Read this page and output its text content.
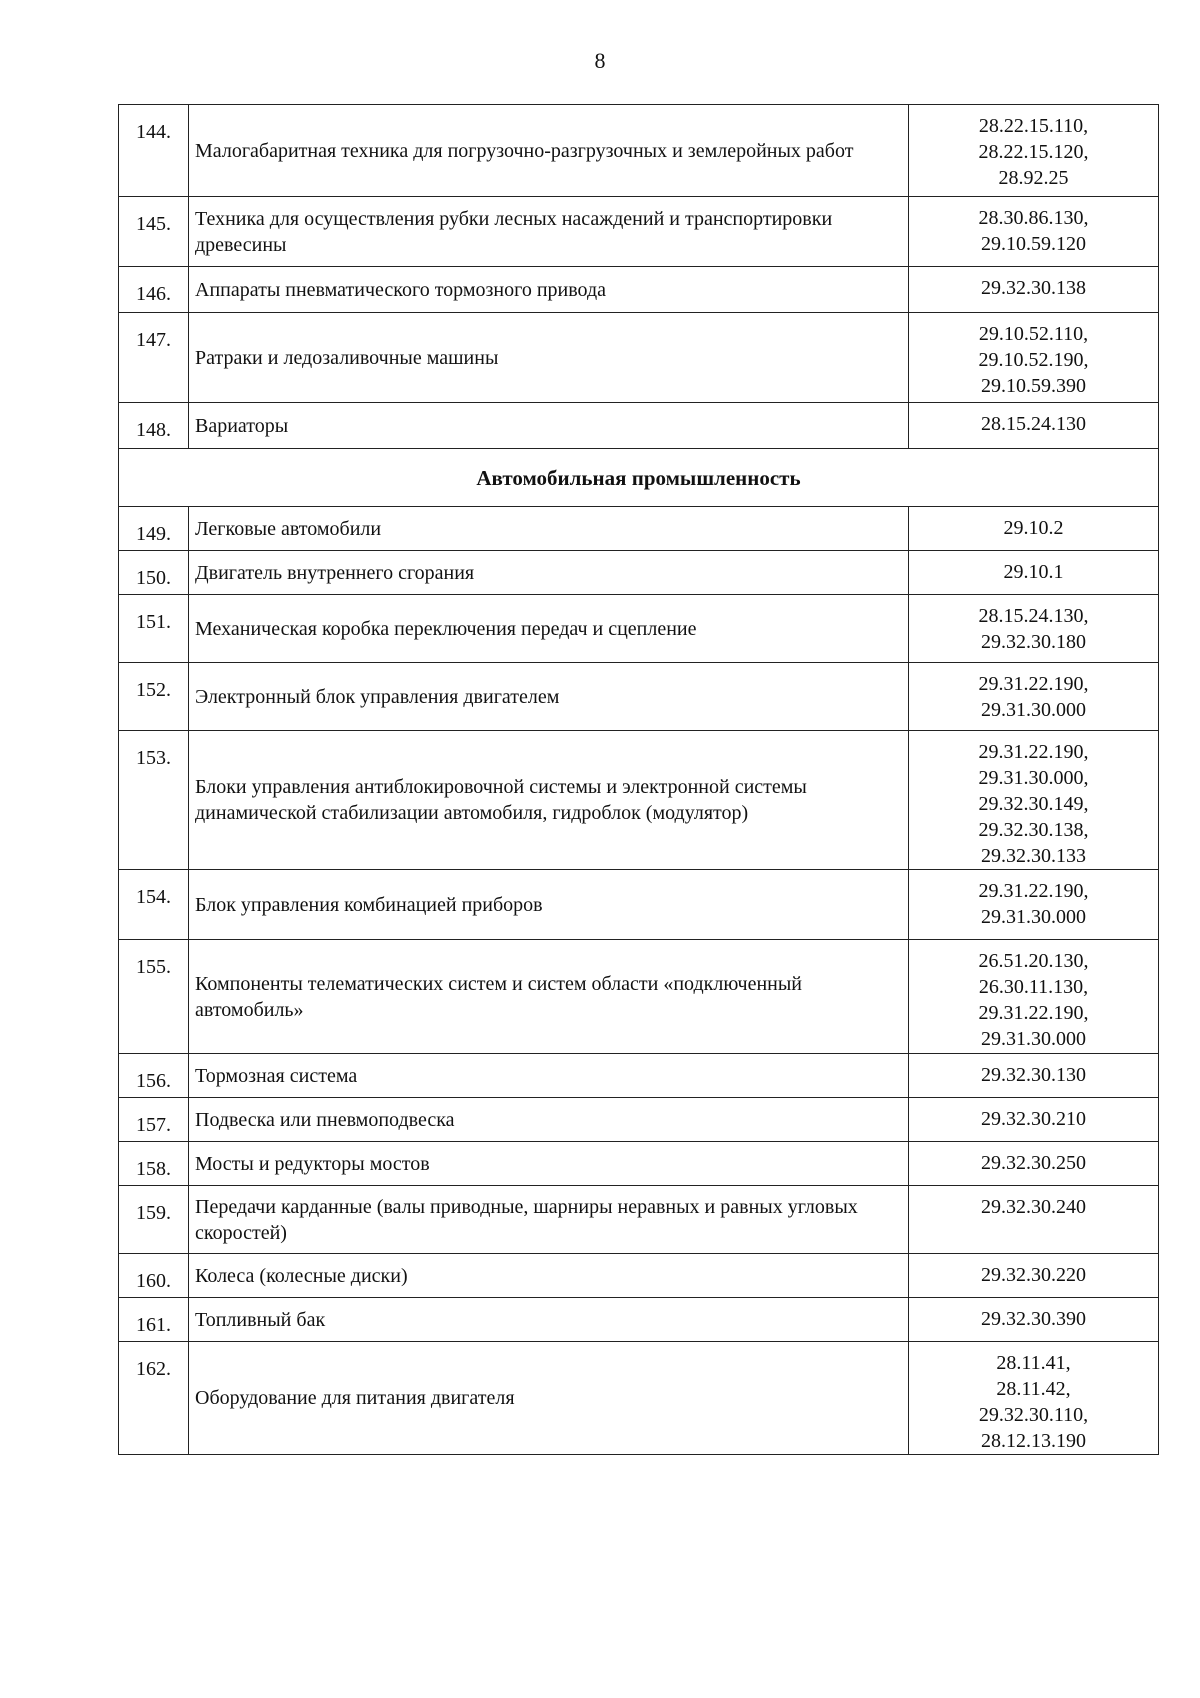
8
144.	Малогабаритная техника для погрузочно-разгрузочных и землеройных работ	28.22.15.110,
28.22.15.120,
28.92.25
145.	Техника для осуществления рубки лесных насаждений и транспортировки древесины	28.30.86.130,
29.10.59.120
146.	Аппараты пневматического тормозного привода	29.32.30.138
147.	Ратраки и ледозаливочные машины	29.10.52.110,
29.10.52.190,
29.10.59.390
148.	Вариаторы	28.15.24.130
Автомобильная промышленность		
149.	Легковые автомобили	29.10.2
150.	Двигатель внутреннего сгорания	29.10.1
151.	Механическая коробка переключения передач и сцепление	28.15.24.130,
29.32.30.180
152.	Электронный блок управления двигателем	29.31.22.190,
29.31.30.000
153.	Блоки управления антиблокировочной системы и электронной системы динамической стабилизации автомобиля, гидроблок (модулятор)	29.31.22.190,
29.31.30.000,
29.32.30.149,
29.32.30.138,
29.32.30.133
154.	Блок управления комбинацией приборов	29.31.22.190,
29.31.30.000
155.	Компоненты телематических систем и систем области «подключенный автомобиль»	26.51.20.130,
26.30.11.130,
29.31.22.190,
29.31.30.000
156.	Тормозная система	29.32.30.130
157.	Подвеска или пневмоподвеска	29.32.30.210
158.	Мосты и редукторы мостов	29.32.30.250
159.	Передачи карданные (валы приводные, шарниры неравных и равных угловых скоростей)	29.32.30.240
160.	Колеса (колесные диски)	29.32.30.220
161.	Топливный бак	29.32.30.390
162.	Оборудование для питания двигателя	28.11.41,
28.11.42,
29.32.30.110,
28.12.13.190
